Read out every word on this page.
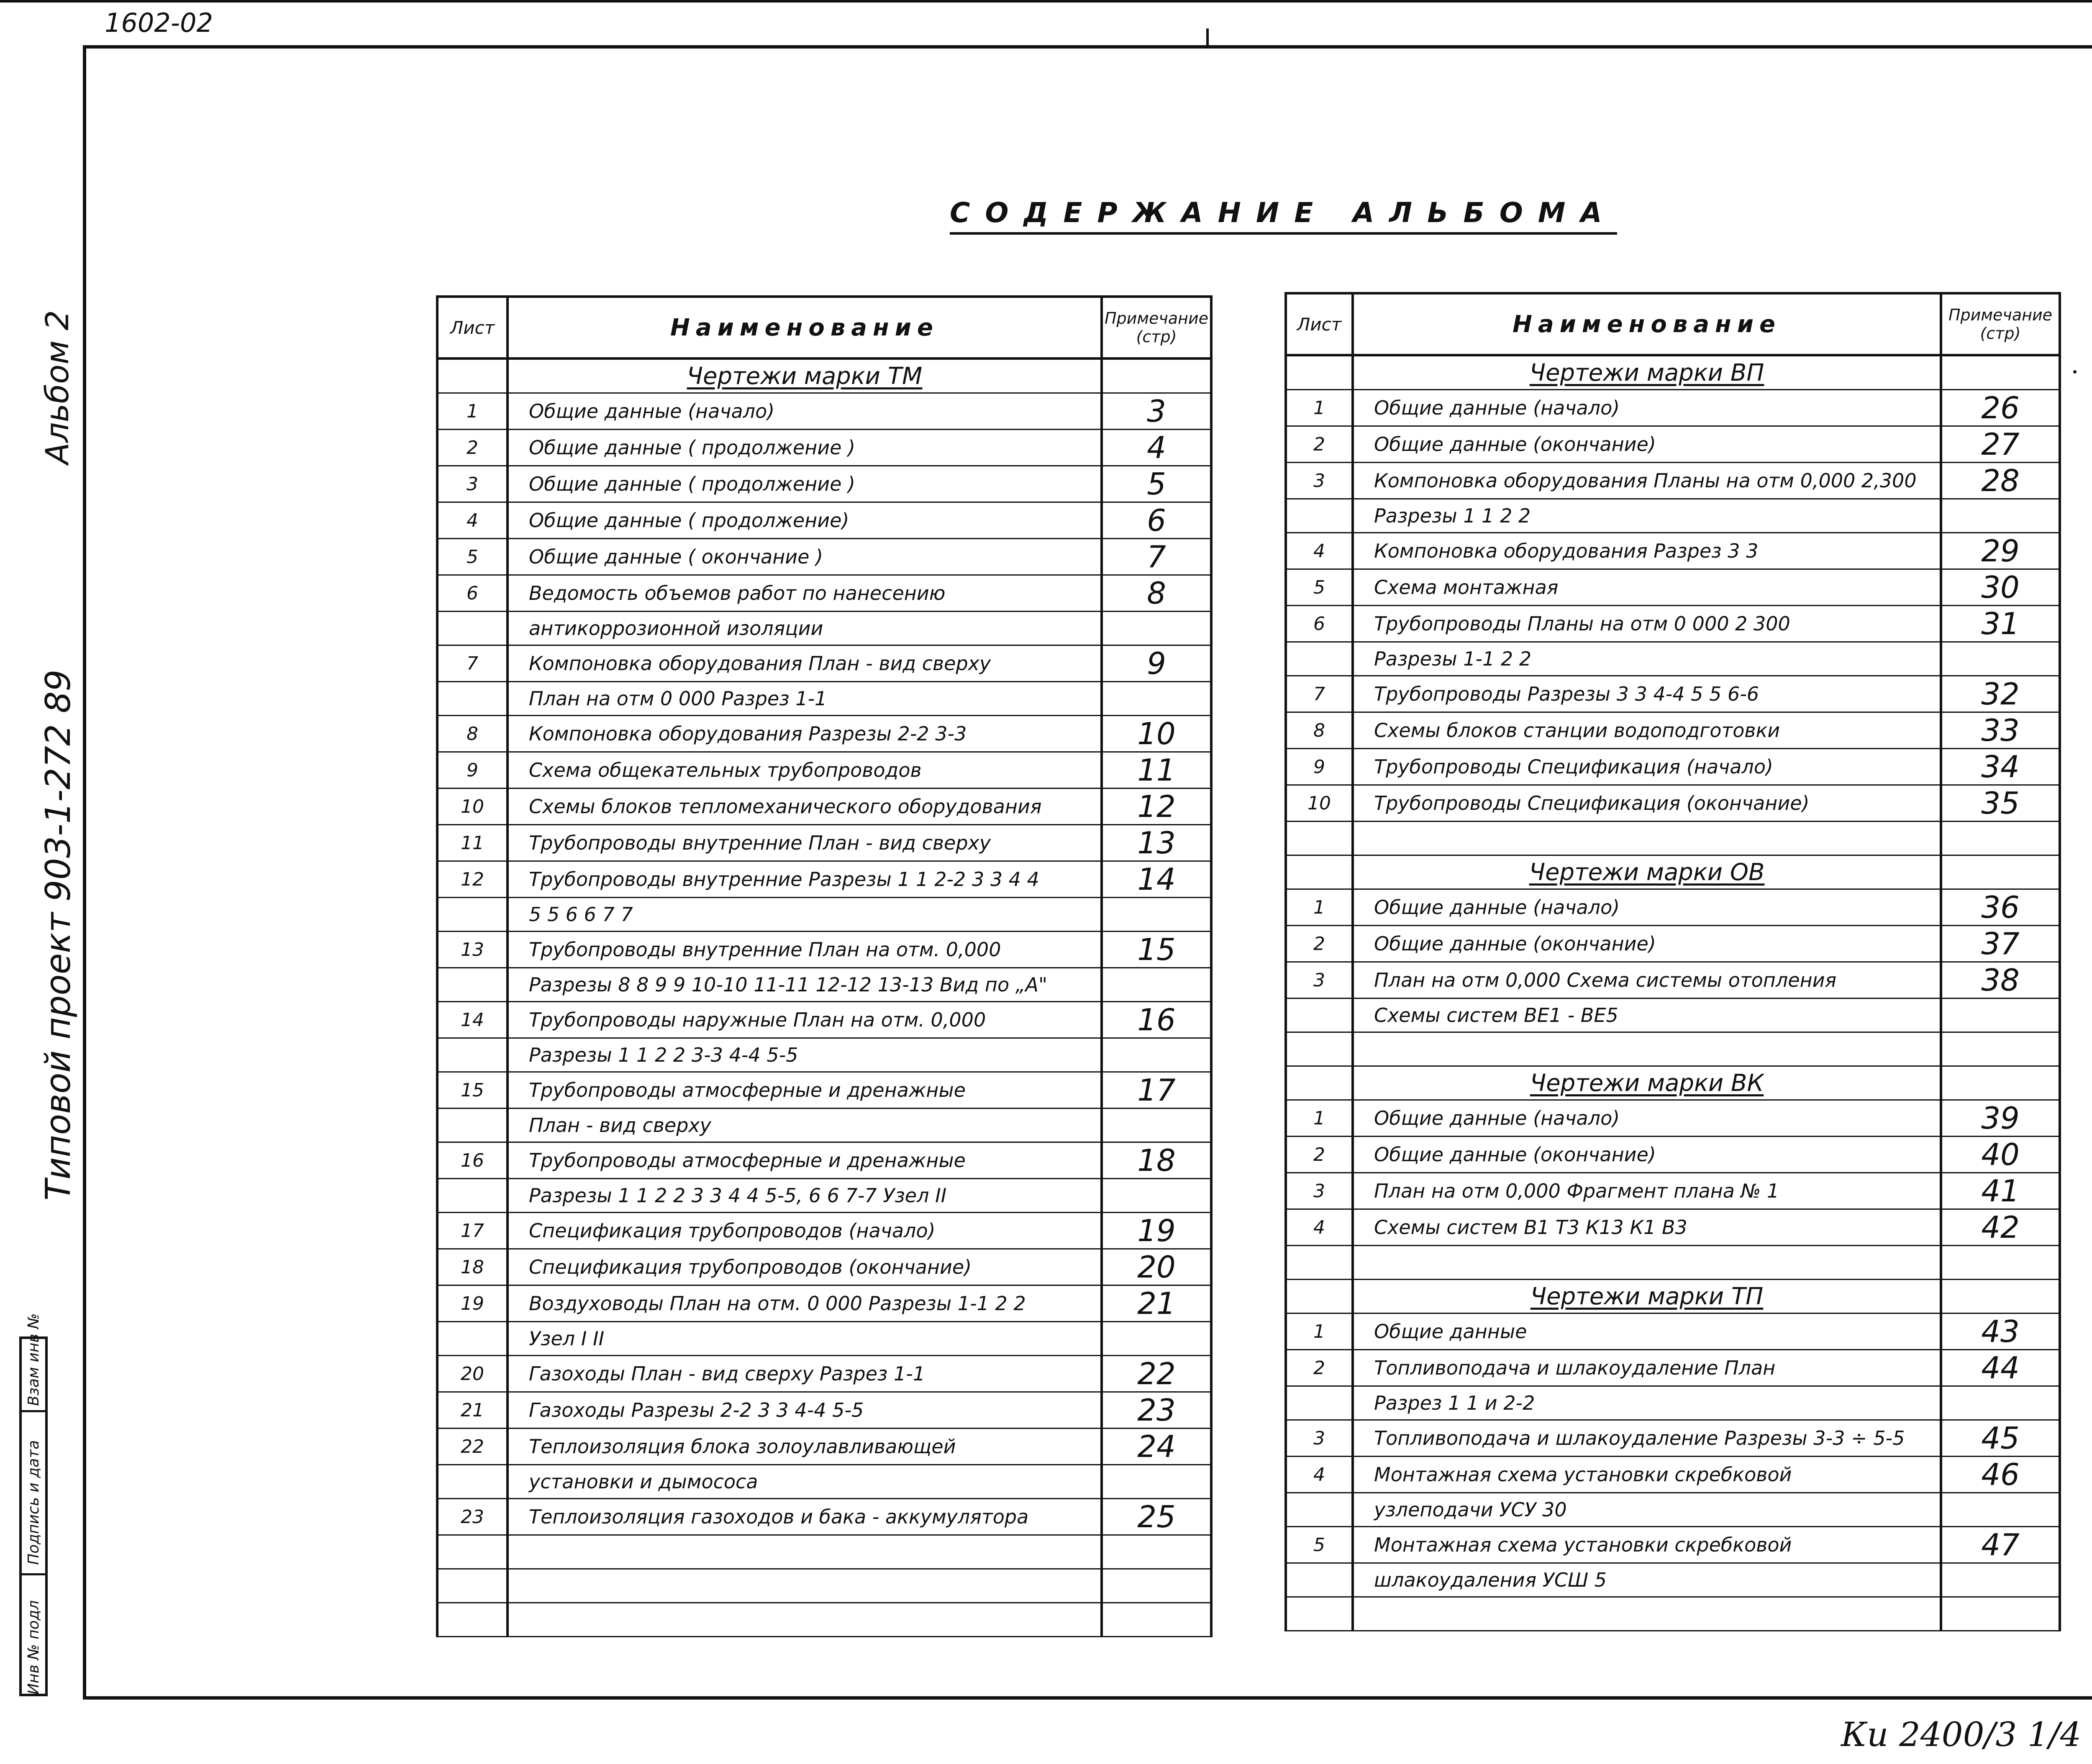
1602-02
СОДЕРЖАНИЕ АЛЬБОМА
Альбом 2
Типовой проект 903-1-272 89
Инв № подл
Подпись и дата
Взам инв №
Лист	Наименование	Примечание (стр)
	Чертежи марки ТМ	
1	Общие данные (начало)	3
2	Общие данные ( продолжение )	4
3	Общие данные ( продолжение )	5
4	Общие данные ( продолжение)	6
5	Общие данные ( окончание )	7
6	Ведомость объемов работ по нанесению	8
	антикоррозионной изоляции	
7	Компоновка оборудования План - вид сверху	9
	План на отм 0 000 Разрез 1-1	
8	Компоновка оборудования Разрезы 2-2 3-3	10
9	Схема общекательных трубопроводов	11
10	Схемы блоков тепломеханического оборудования	12
11	Трубопроводы внутренние План - вид сверху	13
12	Трубопроводы внутренние Разрезы 1 1 2-2 3 3 4 4	14
	5 5 6 6 7 7	
13	Трубопроводы внутренние План на отм. 0,000	15
	Разрезы 8 8 9 9 10-10 11-11 12-12 13-13 Вид по „А"	
14	Трубопроводы наружные План на отм. 0,000	16
	Разрезы 1 1 2 2 3-3 4-4 5-5	
15	Трубопроводы атмосферные и дренажные	17
	План - вид сверху	
16	Трубопроводы атмосферные и дренажные	18
	Разрезы 1 1 2 2 3 3 4 4 5-5, 6 6 7-7 Узел II	
17	Спецификация трубопроводов (начало)	19
18	Спецификация трубопроводов (окончание)	20
19	Воздуховоды План на отм. 0 000 Разрезы 1-1 2 2	21
	Узел I II	
20	Газоходы План - вид сверху Разрез 1-1	22
21	Газоходы Разрезы 2-2 3 3 4-4 5-5	23
22	Теплоизоляция блока золоулавливающей	24
	установки и дымососа	
23	Теплоизоляция газоходов и бака - аккумулятора	25

Лист	Наименование	Примечание (стр)
	Чертежи марки ВП	
1	Общие данные (начало)	26
2	Общие данные (окончание)	27
3	Компоновка оборудования Планы на отм 0,000 2,300	28
	Разрезы 1 1 2 2	
4	Компоновка оборудования Разрез 3 3	29
5	Схема монтажная	30
6	Трубопроводы Планы на отм 0 000 2 300	31
	Разрезы 1-1 2 2	
7	Трубопроводы Разрезы 3 3 4-4 5 5 6-6	32
8	Схемы блоков станции водоподготовки	33
9	Трубопроводы Спецификация (начало)	34
10	Трубопроводы Спецификация (окончание)	35

	Чертежи марки ОВ	
1	Общие данные (начало)	36
2	Общие данные (окончание)	37
3	План на отм 0,000 Схема системы отопления	38
	Схемы систем ВЕ1 - ВЕ5	

	Чертежи марки ВК	
1	Общие данные (начало)	39
2	Общие данные (окончание)	40
3	План на отм 0,000 Фрагмент плана № 1	41
4	Схемы систем В1 Т3 К13 К1 В3	42

	Чертежи марки ТП	
1	Общие данные	43
2	Топливоподача и шлакоудаление План	44
	Разрез 1 1 и 2-2	
3	Топливоподача и шлакоудаление Разрезы 3-3 ÷ 5-5	45
4	Монтажная схема установки скребковой	46
	узлеподачи УСУ 30	
5	Монтажная схема установки скребковой	47
	шлакоудаления УСШ 5	

Ки 2400/3 1/4
